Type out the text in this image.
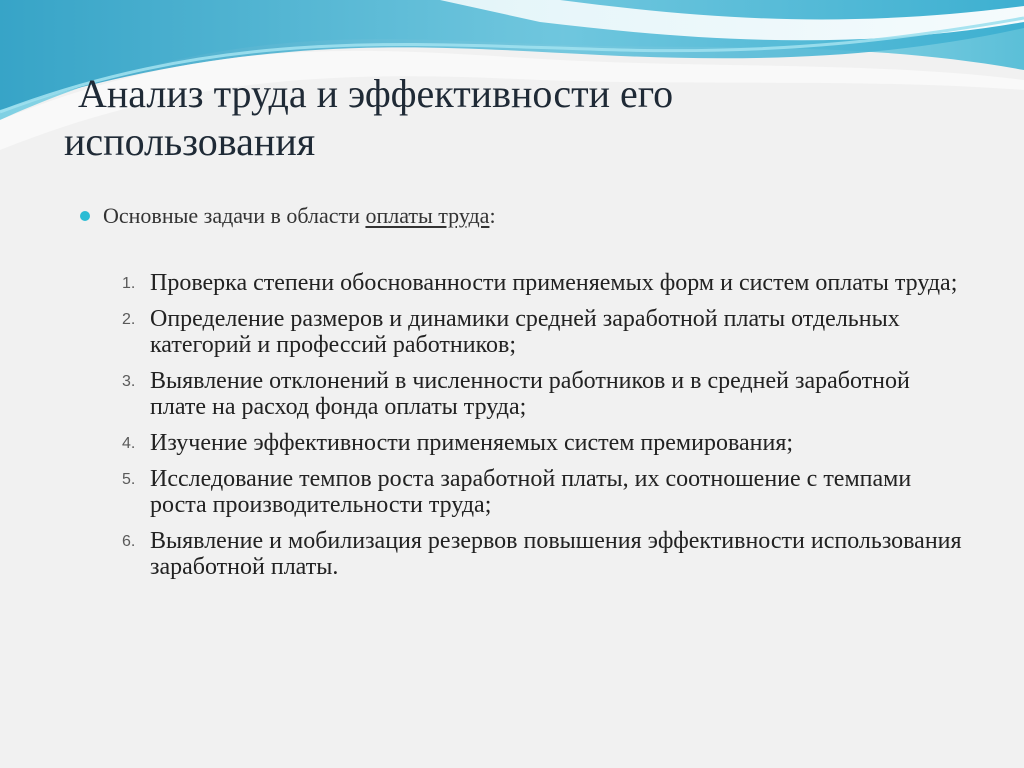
Анализ труда и эффективности его
использования
Основные задачи в области оплаты труда:
1. Проверка степени обоснованности применяемых форм и систем оплаты труда;
2. Определение размеров и динамики средней заработной платы отдельных категорий и профессий работников;
3. Выявление отклонений в численности работников и в средней заработной плате на расход фонда оплаты труда;
4. Изучение эффективности применяемых систем премирования;
5. Исследование темпов роста заработной платы, их соотношение с темпами роста производительности труда;
6. Выявление и мобилизация резервов повышения эффективности использования заработной платы.
